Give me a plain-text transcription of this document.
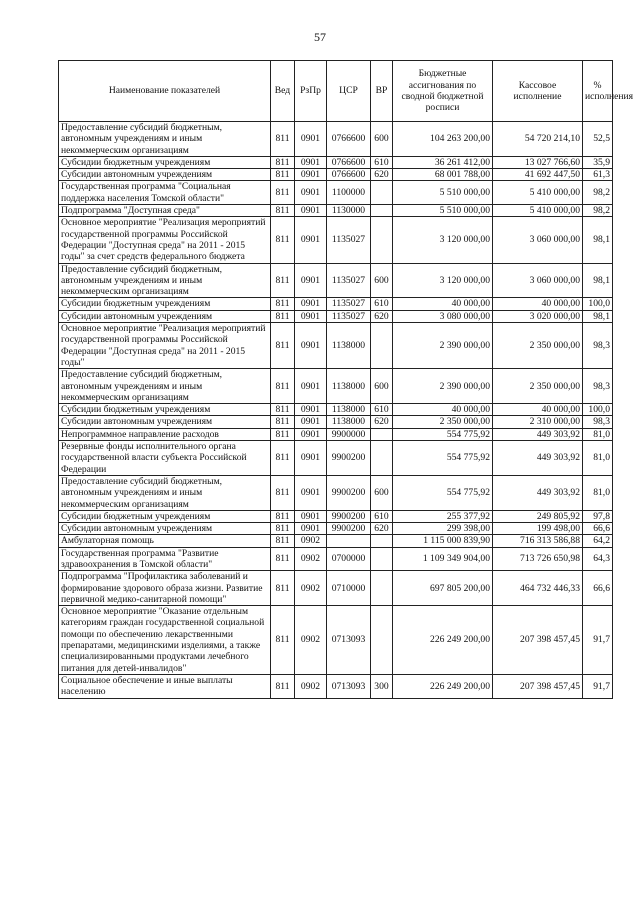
57
Наименование показателей	Вед	РзПр	ЦСР	ВР	Бюджетные ассигнования по сводной бюджетной росписи	Кассовое исполнение	% исполнения
Предоставление субсидий бюджетным, автономным учреждениям и иным некоммерческим организациям	811	0901	0766600	600	104 263 200,00	54 720 214,10	52,5
Субсидии бюджетным учреждениям	811	0901	0766600	610	36 261 412,00	13 027 766,60	35,9
Субсидии автономным учреждениям	811	0901	0766600	620	68 001 788,00	41 692 447,50	61,3
Государственная программа "Социальная поддержка населения Томской области"	811	0901	1100000		5 510 000,00	5 410 000,00	98,2
Подпрограмма "Доступная среда"	811	0901	1130000		5 510 000,00	5 410 000,00	98,2
Основное мероприятие "Реализация мероприятий государственной программы Российской Федерации "Доступная среда" на 2011 - 2015 годы" за счет средств федерального бюджета	811	0901	1135027		3 120 000,00	3 060 000,00	98,1
Предоставление субсидий бюджетным, автономным учреждениям и иным некоммерческим организациям	811	0901	1135027	600	3 120 000,00	3 060 000,00	98,1
Субсидии бюджетным учреждениям	811	0901	1135027	610	40 000,00	40 000,00	100,0
Субсидии автономным учреждениям	811	0901	1135027	620	3 080 000,00	3 020 000,00	98,1
Основное мероприятие "Реализация мероприятий государственной программы Российской Федерации "Доступная среда" на 2011 - 2015 годы"	811	0901	1138000		2 390 000,00	2 350 000,00	98,3
Предоставление субсидий бюджетным, автономным учреждениям и иным некоммерческим организациям	811	0901	1138000	600	2 390 000,00	2 350 000,00	98,3
Субсидии бюджетным учреждениям	811	0901	1138000	610	40 000,00	40 000,00	100,0
Субсидии автономным учреждениям	811	0901	1138000	620	2 350 000,00	2 310 000,00	98,3
Непрограммное направление расходов	811	0901	9900000		554 775,92	449 303,92	81,0
Резервные фонды исполнительного органа государственной власти субъекта Российской Федерации	811	0901	9900200		554 775,92	449 303,92	81,0
Предоставление субсидий бюджетным, автономным учреждениям и иным некоммерческим организациям	811	0901	9900200	600	554 775,92	449 303,92	81,0
Субсидии бюджетным учреждениям	811	0901	9900200	610	255 377,92	249 805,92	97,8
Субсидии автономным учреждениям	811	0901	9900200	620	299 398,00	199 498,00	66,6
Амбулаторная помощь	811	0902			1 115 000 839,90	716 313 586,88	64,2
Государственная программа "Развитие здравоохранения в Томской области"	811	0902	0700000		1 109 349 904,00	713 726 650,98	64,3
Подпрограмма "Профилактика заболеваний и формирование здорового образа жизни. Развитие первичной медико-санитарной помощи"	811	0902	0710000		697 805 200,00	464 732 446,33	66,6
Основное мероприятие "Оказание отдельным категориям граждан государственной социальной помощи по обеспечению лекарственными препаратами, медицинскими изделиями, а также специализированными продуктами лечебного питания для детей-инвалидов"	811	0902	0713093		226 249 200,00	207 398 457,45	91,7
Социальное обеспечение и иные выплаты населению	811	0902	0713093	300	226 249 200,00	207 398 457,45	91,7
